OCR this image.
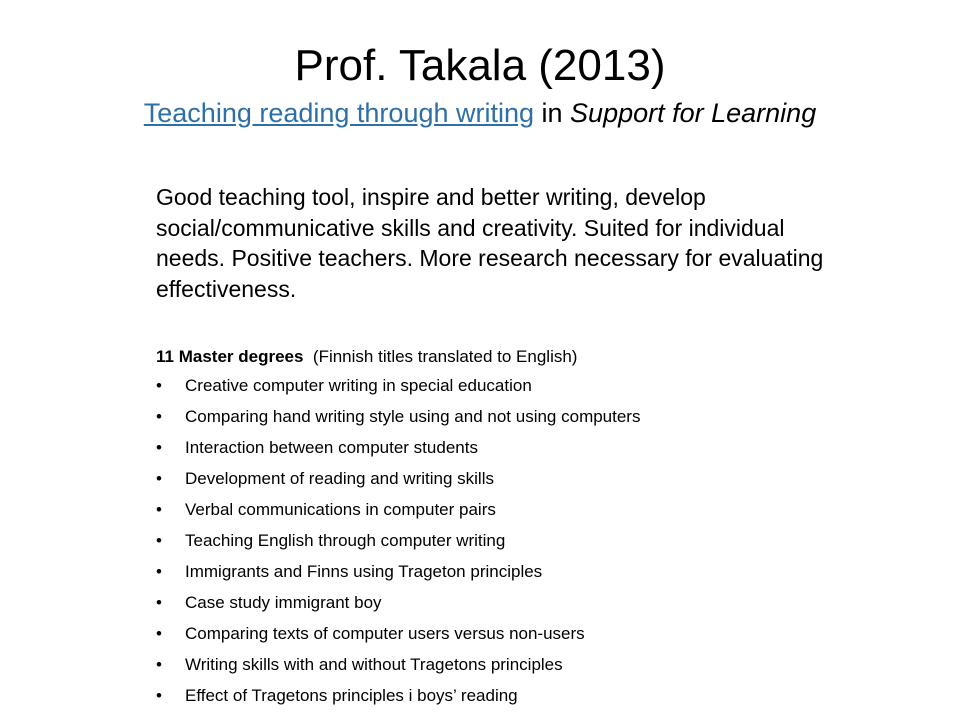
Prof. Takala (2013)

Teaching reading through writing in Support for Learning

Good teaching tool, inspire and better writing, develop social/communicative skills and creativity. Suited for individual needs. Positive teachers. More research necessary for evaluating effectiveness.

11 Master degrees (Finnish titles translated to English)

• Creative computer writing in special education
• Comparing hand writing style using and not using computers
• Interaction between computer students
• Development of reading and writing skills
• Verbal communications in computer pairs
• Teaching English through computer writing
• Immigrants and Finns using Trageton principles
• Case study immigrant boy
• Comparing texts of computer users versus non-users
• Writing skills with and without Tragetons principles
• Effect of Tragetons principles i boys’ reading
